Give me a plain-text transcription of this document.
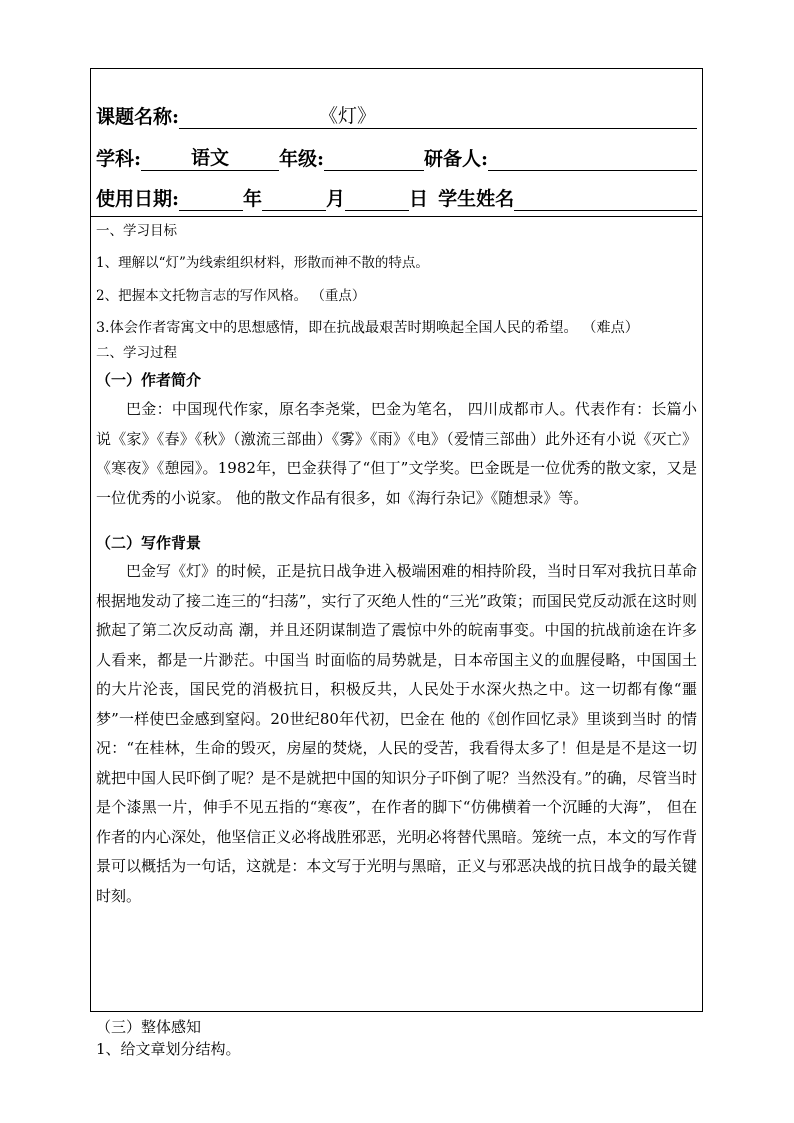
课题名称:	《灯》
学科:	语文	年级:	研备人:
使用日期:	年	月	日 学生姓名
一、学习目标
1、理解以“灯”为线索组织材料，形散而神不散的特点。
2、把握本文托物言志的写作风格。 （重点）
3.体会作者寄寓文中的思想感情，即在抗战最艰苦时期唤起全国人民的希望。 （难点）
二、学习过程
（一）作者简介
巴金：中国现代作家，原名李尧棠，巴金为笔名， 四川成都市人。代表作有：长篇小说《家》《春》《秋》（激流三部曲）《雾》《雨》《电》（爱情三部曲）此外还有小说《灭亡》《寒夜》《憩园》。1982年，巴金获得了“但丁”文学奖。巴金既是一位优秀的散文家，又是一位优秀的小说家。 他的散文作品有很多，如《海行杂记》《随想录》等。
（二）写作背景
巴金写《灯》的时候，正是抗日战争进入极端困难的相持阶段，当时日军对我抗日革命根据地发动了接二连三的“扫荡”，实行了灭绝人性的“三光”政策；而国民党反动派在这时则掀起了第二次反动高 潮，并且还阴谋制造了震惊中外的皖南事变。中国的抗战前途在许多人看来，都是一片渺茫。中国当 时面临的局势就是，日本帝国主义的血腥侵略，中国国土的大片沦丧，国民党的消极抗日，积极反共，人民处于水深火热之中。这一切都有像“噩梦”一样使巴金感到窒闷。20世纪80年代初，巴金在 他的《创作回忆录》里谈到当时 的情况：“在桂林，生命的毁灭，房屋的焚烧，人民的受苦，我看得太多了！但是是不是这一切就把中国人民吓倒了呢？是不是就把中国的知识分子吓倒了呢？当然没有。”的确，尽管当时是个漆黑一片，伸手不见五指的“寒夜”，在作者的脚下“仿佛横着一个沉睡的大海”， 但在作者的内心深处，他坚信正义必将战胜邪恶，光明必将替代黑暗。笼统一点，本文的写作背景可以概括为一句话，这就是：本文写于光明与黑暗，正义与邪恶决战的抗日战争的最关键时刻。
（三）整体感知
1、给文章划分结构。
